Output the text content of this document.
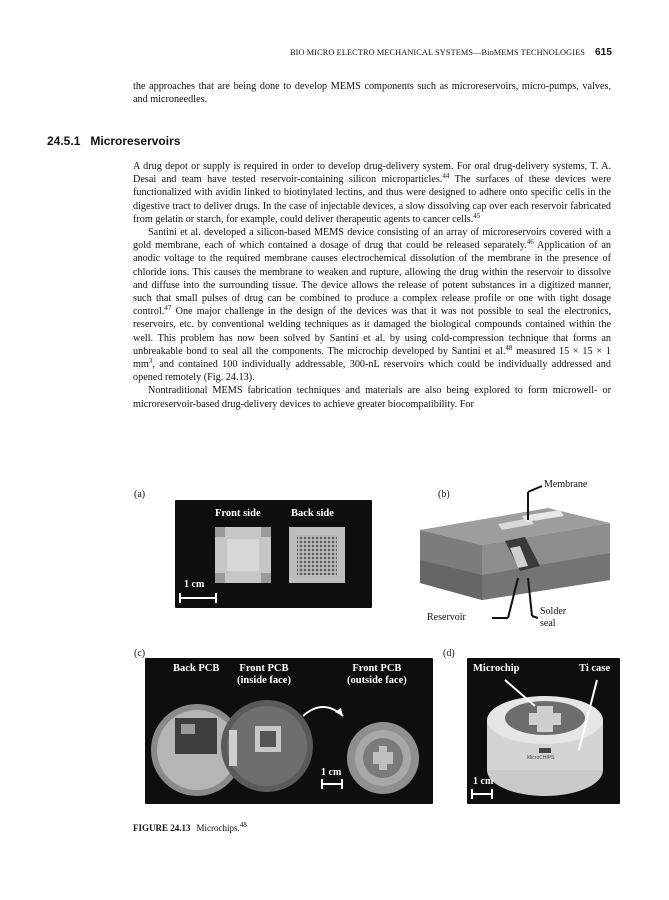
BIO MICRO ELECTRO MECHANICAL SYSTEMS—BioMEMS TECHNOLOGIES 615
the approaches that are being done to develop MEMS components such as microreservoirs, micro-pumps, valves, and microneedles.
24.5.1 Microreservoirs

A drug depot or supply is required in order to develop drug-delivery system. For oral drug-delivery systems, T. A. Desai and team have tested reservoir-containing silicon microparticles.$^{44}$ The surfaces of these devices were functionalized with avidin linked to biotinylated lectins, and thus were designed to adhere onto specific cells in the digestive tract to deliver drugs. In the case of injectable devices, a slow dissolving cap over each reservoir fabricated from gelatin or starch, for example, could deliver therapeutic agents to cancer cells.$^{45}$

Santini et al. developed a silicon-based MEMS device consisting of an array of microreservoirs covered with a gold membrane, each of which contained a dosage of drug that could be released separately.$^{46}$ Application of an anodic voltage to the required membrane causes electrochemical dissolution of the membrane in the presence of chloride ions. This causes the membrane to weaken and rupture, allowing the drug within the reservoir to dissolve and diffuse into the surrounding tissue. The device allows the release of potent substances in a digitized manner, such that small pulses of drug can be combined to produce a complex release profile or one with tight dosage control.$^{47}$ One major challenge in the design of the devices was that it was not possible to seal the electronics, reservoirs, etc. by conventional welding techniques as it damaged the biological compounds contained within the well. This problem has now been solved by Santini et al. by using cold-compression technique that forms an unbreakable bond to seal all the components. The microchip developed by Santini et al.$^{48}$ measured 15 × 15 × 1 $mm^3$, and contained 100 individually addressable, 300-nL reservoirs which could be individually addressed and opened remotely (Fig. 24.13).

Nontraditional MEMS fabrication techniques and materials are also being explored to form microwell- or microreservoir-based drug-delivery devices to achieve greater biocompatibility. For

(a)
Front side	Back side
1 cm
(b)
Membrane
Reservoir
Solder
seal
(c)
Back PCB Front PCB
(inside face)
Front PCB
(outside face)
1 cm
(d)
Microchip	Ti case
MicroCHIPS
1 cm
FIGURE 24.13 Microchips.$^{48}$
